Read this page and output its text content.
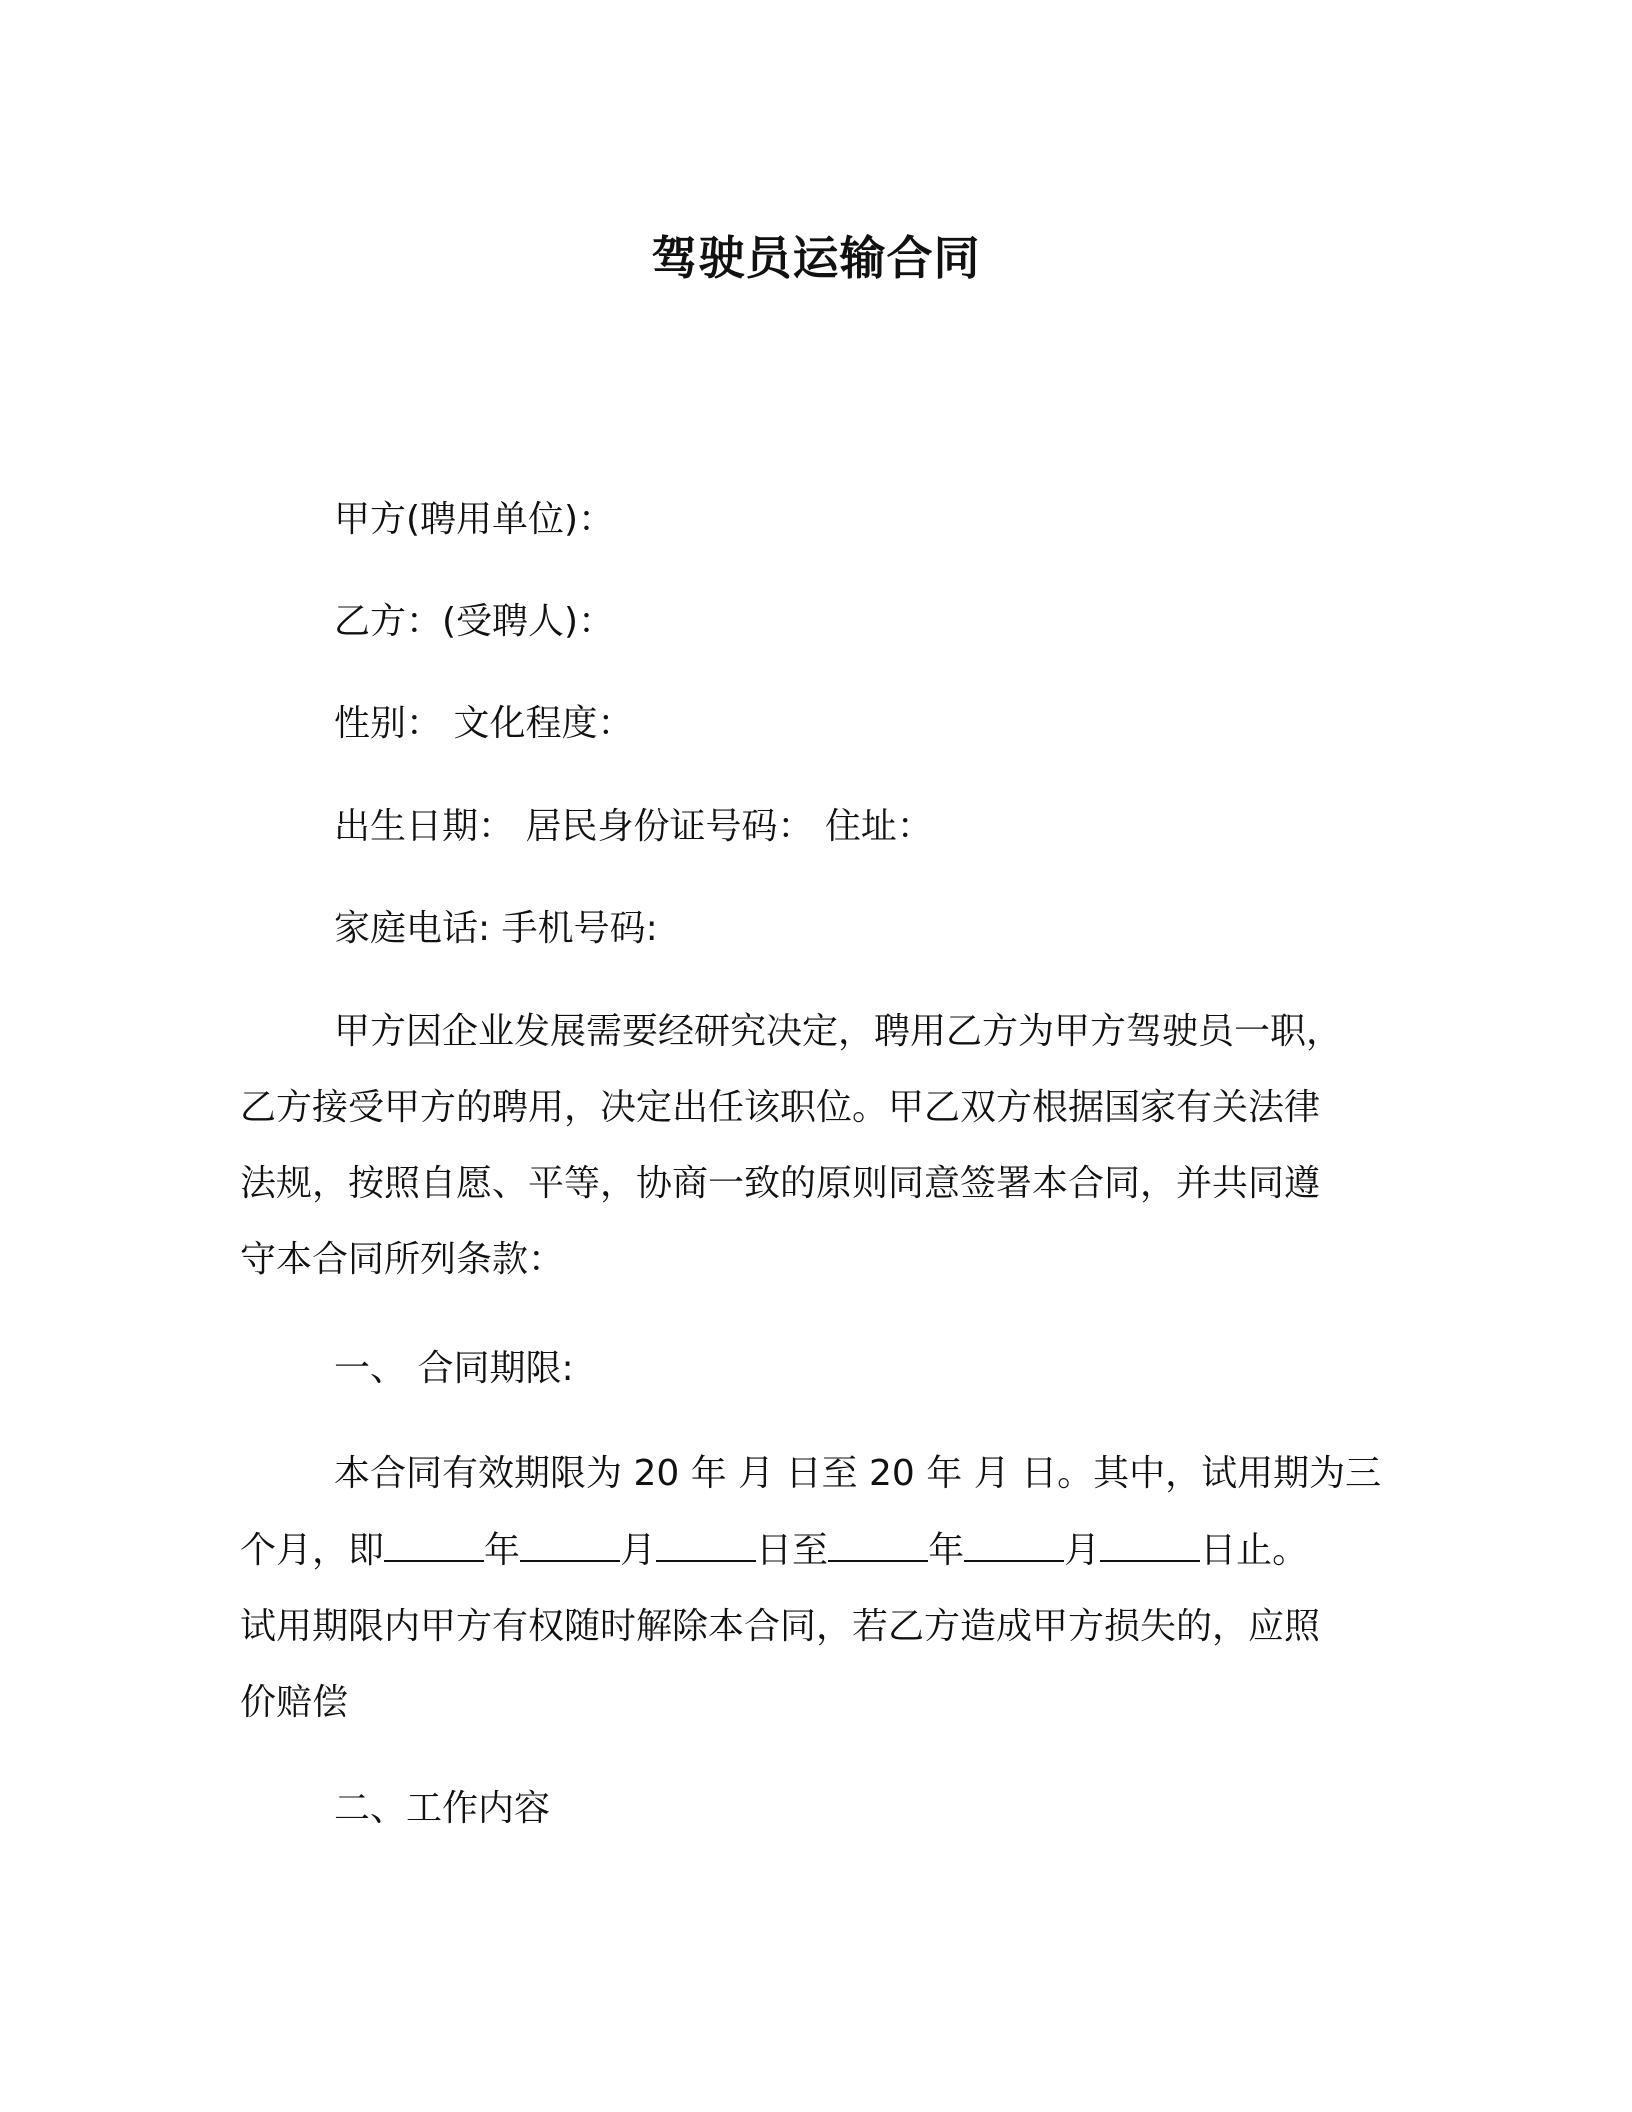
驾驶员运输合同
甲方(聘用单位)：
乙方：(受聘人)：
性别： 文化程度：
出生日期： 居民身份证号码： 住址：
家庭电话: 手机号码:
甲方因企业发展需要经研究决定，聘用乙方为甲方驾驶员一职，
乙方接受甲方的聘用，决定出任该职位。甲乙双方根据国家有关法律
法规，按照自愿、平等，协商一致的原则同意签署本合同，并共同遵
守本合同所列条款：
一、 合同期限:
本合同有效期限为 20 年 月 日至 20 年 月 日。其中，试用期为三
个月，即	年	月	日至	年	月	日止。
试用期限内甲方有权随时解除本合同，若乙方造成甲方损失的，应照
价赔偿
二、工作内容
